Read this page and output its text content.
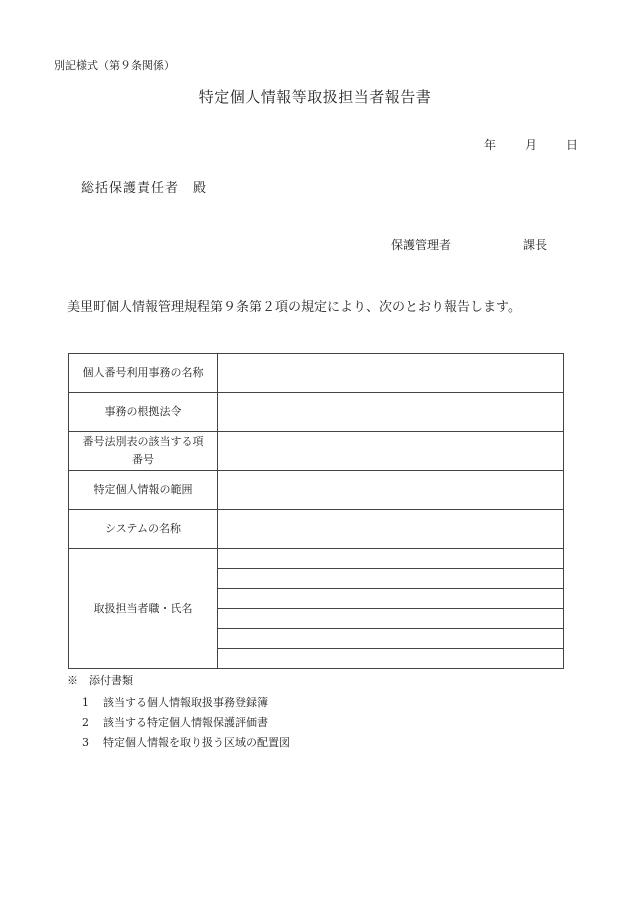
別記様式（第９条関係）
特定個人情報等取扱担当者報告書
年 月 日
総括保護責任者　殿
保護管理者	課長
美里町個人情報管理規程第９条第２項の規定により、次のとおり報告します。
個人番号利用事務の名称	
事務の根拠法令	

番号法別表の該当する項
番号	

特定個人情報の範囲	
システムの名称	
取扱担当者職・氏名	

※　添付書類
1 該当する個人情報取扱事務登録簿
2 該当する特定個人情報保護評価書
3 特定個人情報を取り扱う区域の配置図
